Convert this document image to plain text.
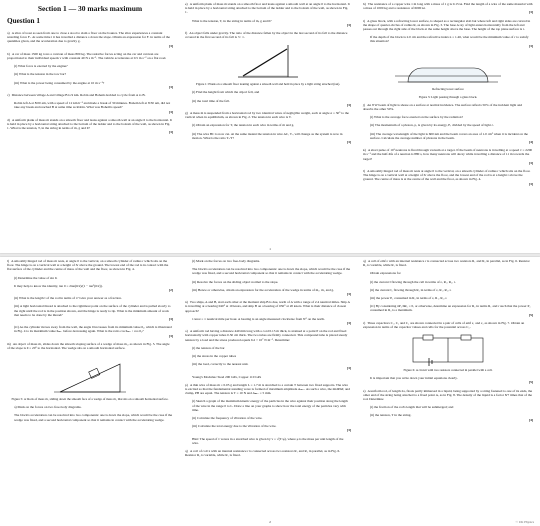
Section 1 — 30 marks maximum
Question 1
a) A slice of toast as seen from one to close a stool to slam a floor on the bounce. The slice experiences a constant retarding force Fᵣ. At some time t it has travelled a distance s down the slope. Obtain an expression for Fᵣ in terms of the quantities given, and the acceleration due to gravity g.
[3]
b) A car of mass 1500 kg tows a caravan of mass 800 kg. The resistive forces acting on the car and caravan are proportional to their individual speeds v with constant 40 N s m⁻¹. The vehicle accelerates at 0.5 m s⁻² on a flat road.
(i) What force is exerted by the engine?
(ii) What is the tension in the tow bar?
(iii) What is the power being consumed by the engine at 10 m s⁻¹?
[3]
c) Distance between village A and village B is 9 km. Robin and Bohem decided to cycle from A to B.
Robin left A at 8:00 am, with a speed of 12 km h⁻¹ and made a break of 30 minutes. Bohem left at 8:30 am, did not take any break and reached B at same time as Robin. What was Bohem's speed?
[3]
d) A uniform plank of mass m stands on a smooth floor and leans against a smooth wall at an angle θ to the horizontal. It is held in place by a horizontal string attached to the bottom of the ladder and to the bottom of the wall, as shown in Fig. 1. What is the tension, T, in the string in terms of m, g and θ?
[3]
e) A uniform plank of mass m stands on a smooth floor and leans against a smooth wall at an angle θ to the horizontal. It is held in place by a horizontal string attached to the bottom of the ladder and to the bottom of the wall, as shown in Fig. 1.
What is the tension, T, in the string in terms of m, g and θ?
[3]
f) An object falls under gravity. The ratio of the distance fallen by the object in the last second of its fall to the distance covered in the first second of its fall is 3 : 1.
Figure 1: Plank on a smooth floor leaning against a smooth wall and held in place by a light string attached (tan).
(i) Find the height from which the object fell, and
(ii) the total time of the fall.
[3]
g) A mass m is suspended from a horizontal rod by two identical wires of negligible weight, each at angle α = 30° to the vertical when in equilibrium, as shown in Fig. 2. The tension in each wire is T.
(i) Obtain an expression for T, the tension in each wire in terms of m and g.
(ii) The wire BC is now cut. At the same instant the tension in wire AC, Tₐ, will change as the system is now in motion. What is the ratio Tₐ/T?
[3]
h) The resistance of a copper wire 1 m long with a mass of 1 g is 0.15 Ω. Find the length of a wire of the same material with a mass of 1000 kg and a resistance of 6000 Ω.
[3]
i) A glass block, with a refracting lower surface, is shaped as a rectangular slab but where left and right sides are curved in the shape of quarter-circles of radius R, as shown in Fig. 3. The base A ray of light enters horizontally from the left and passes out through the right side of the block at the same height above the base. The height of the top plane surface is r.
If the depth of the block is 2.0 cm and the refractive index n = 1.46, what would be the minimum value of r to satisfy this situation?
[3]
Refracting lower surface
Figure 3: Light passing through a glass block.
j) An 8 W beam of light is shone on a surface at normal incidence. The surface reflects 50% of the incident light and absorbs the other 50%.
(i) What is the average force exerted on the surface by the radiation?
(ii) The momentum of a photon, p, is given by its energy, E, divided by the speed of light c.
(iii) The average wavelength of the light is 600 nm and the beam covers an area of 1.0 cm² when it is incident on the surface. Calculate the average number of photons in the beam.
[4]
k) A short pulse of 10¹ neutrons is fired through vacuum at a target. If the beam of neutrons is travelling at a speed v = 2200 m s⁻¹ and the half-life of a neutron is 880 s, how many neutrons will decay while travelling a distance of 11 m towards the target?
[3]
l) A smoothly hinged rod of mass m rests at angle θ to the vertical, on a smooth cylinder of radius r which sits on the floor. The hinge is on a vertical wall at a height of 3r above the floor, and the lowest end of the rod is at a height r above the ground. The centre of mass is at the centre of the wall and the floor, as shown in Fig. 4.
[3]
1
l) A smoothly hinged rod of mass m rests, at angle θ to the vertical, on a smooth cylinder of radius r which sits on the floor. The hinge is on a vertical wall at a height of 3r above the ground. The lowest end of the rod is in contact with the flat surface of the cylinder and the centre of mass of the wall and the floor, as shown in Fig. 4.
(i) Determine the value of sin θ.
It may help to know the identity, tan θ = 2tan(θ/2)/(1 − tan²(θ/2)).
[2]
(ii) What is the length l of the rod in terms of r? Give your answer as a fraction.
(iii) A light horizontal thread is attached to the rightmost point on the surface of the cylinder and is pulled slowly to the right until the rod is in the position shown, and the hinge is ready to tip. What is the minimum amount of work that needs to be done by the thread?
[3]
(iv) As the cylinder moves away from the wall, the angle θ increases from its minimum value θ₀, which is illustrated in Fig. 4 to its maximum value θₘₐₓ before decreasing again. What is the ratio cos θₘₐₓ / cos θ₀?
[3]
m) An object of mass m₁ slides down the smooth sloping surface of a wedge of mass m₂, as shown in Fig. 5. The angle of the slope is θ = 20° to the horizontal. The wedge sits on a smooth horizontal surface.
Figure 5: A block of mass m₁ sliding down the smooth face of a wedge of mass m₂ that sits on a smooth horizontal surface.
a) Mark on the forces on two free-body diagrams.
The block's acceleration can be resolved into two components: one is down the slope, which would be the case if the wedge was fixed, and a second horizontal component so that it remains in contact with the accelerating wedge.
(i) Mark on the forces on two free-body diagrams.
The block's acceleration can be resolved into two components: one is down the slope, which would be the case if the wedge was fixed, and a second horizontal component so that it remains in contact with the accelerating wedge.
(ii) Resolve the forces on the sliding object normal to the slope.
(iii) Hence or otherwise, obtain an expression for the acceleration of the wedge in terms of m₁, m₂ and g.
[3]
n) Two ships, A and B, start each other at the moment ship B is due, north of A with a range of 2.4 nautical miles. Ship A is travelling at a bearing 040° at 10 knots, and ship B on a bearing of 030° at 20 knots. What is their distance of closest approach?
1 knot = 1 nautical mile per hour. A bearing is an angle measured clockwise from N° on the north.
[3]
o) A uniform rod having a distance 440 mm long with a cord 0.13 m thick, is strained at a point P on the rod and fixed horizontally with copper tubes 0.50 cm thick. The two tubes are firmly connected. This compound tube is placed steady tension by a load and the stress produced equals 6.2 × 10⁷ N m⁻². Determine:
(i) the tension of the bar
(ii) the stress in the copper tubes
(iii) the load, correctly to the nearest unit.
[3]
Young's Modulus: Steel 200 GPa, Copper 110 GPa
p) A thin wire of mass m = 0.05 g and length L = 1.7 m is stretched to a certain T between two fixed supports. The wire is excited so that the fundamental standing wave is formed of maximum amplitude Aₘₐₓ. As such a wire, the midPAT, and clamp, PB are equal. The tension is T = 10 N and Aₘₐₓ = 5 mm.
(i) Sketch a graph of the maximum kinetic energy of the particles in the wire against their position along the length of the wire in the range 0 to L. Draw a line on your graphs to show how the total energy of the particles vary with time.
(ii) Calculate the frequency of vibration of the wire.
(iii) Calculate the total energy due to the vibration of the wire.
[3]
Hint: The speed of v waves in a stretched wire is given by v = √(T/μ), where μ is the mass per unit length of the wire.
q) A coil of coil x with an internal resistance r is connected across two resistors R₁ and R₂ in parallel, as in Fig. 6. Resistor R₂ is variable, while R₁ is fixed.
q) A cell of emf ε with an internal resistance r is connected across two resistors R₁ and R₂ in parallel, as in Fig. 6. Resistor R₂ is variable, while R₁ is fixed.
Obtain expressions for
(i) the current I flowing through the cell in terms of ε, R₁, R₂, r.
(ii) the current I₂ flowing through R₂ in terms of ε, R₁, R₂, r.
(iii) the power P₂ consumed in R₂ in terms of ε, R₁, R₂, r.
(iv) By considering δP₂/δR₂ = 0, or otherwise, determine an expression for R₂ in terms R₁ and r such that the power P₂ consumed in R₂ is a maximum.
[5]
r) Three capacitors C₁, C₂ and C₃ are shown connected in a pair of cells of emf ε₁ and ε₂ as shown in Fig. 7. Obtain an expression in terms of the capacitor values and cells for the potential across C₃.
Figure 6: A circuit with two resistors connected in parallel with a cell.
It is important that you write down your initial equations clearly.
[5]
s) A uniform rod, of length 2a, floats partly immersed in a liquid, being supported by a string fastened to one of its ends, the other end of the string being attached to a fixed point A, as in Fig. 8. The density of the liquid is a factor 8/7 times that of the rod. Determine
(i) the fraction of the rod's length that will be submerged; and
(ii) the tension, T in the string.
[4]
2	© UK Physics
